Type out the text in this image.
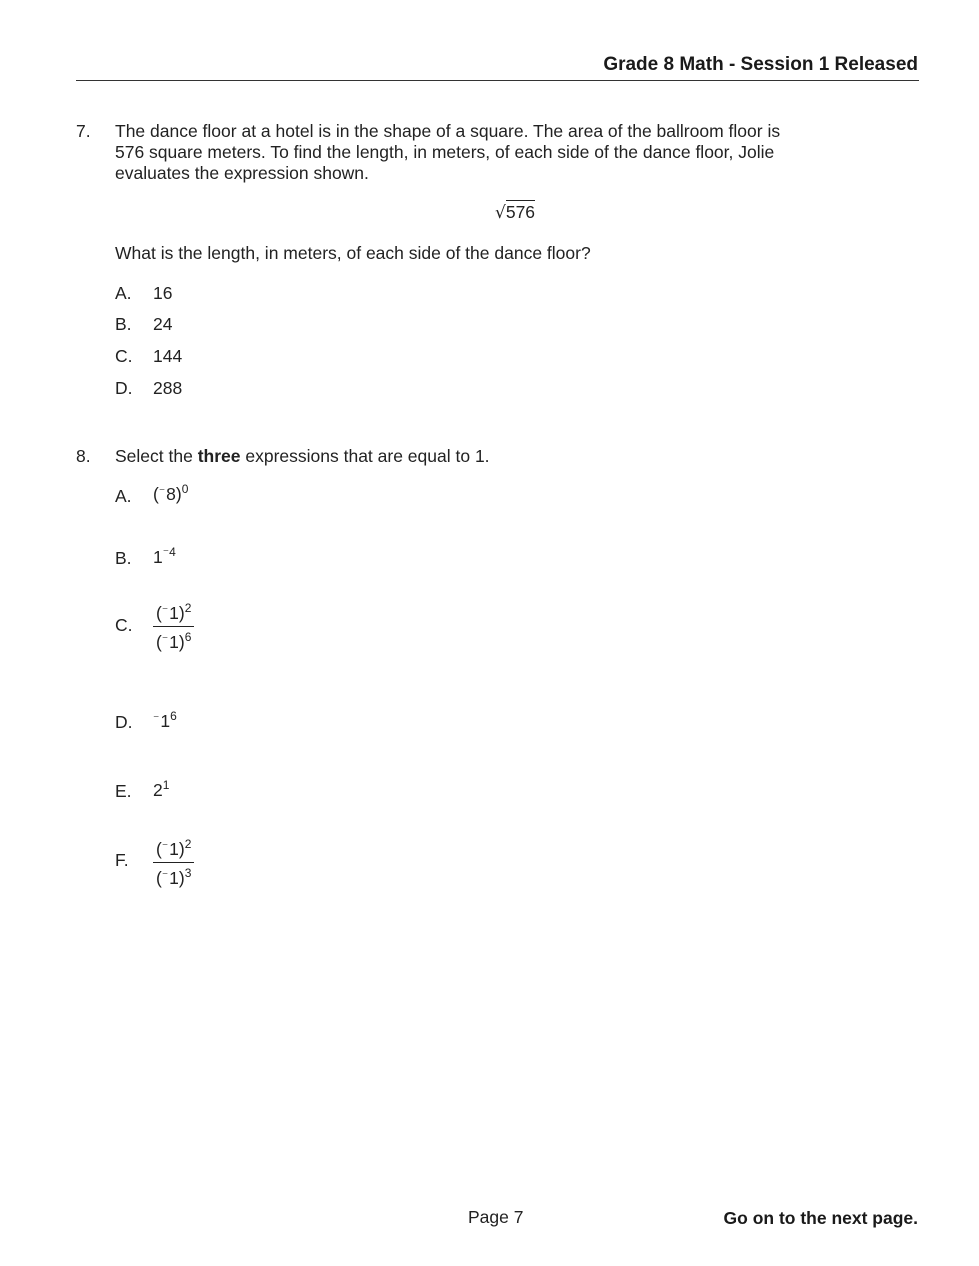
Grade 8 Math - Session 1 Released
7. The dance floor at a hotel is in the shape of a square. The area of the ballroom floor is
576 square meters. To find the length, in meters, of each side of the dance floor, Jolie
evaluates the expression shown.
√576
What is the length, in meters, of each side of the dance floor?
A. 16
B. 24
C. 144
D. 288
8. Select the three expressions that are equal to 1.
A. $(^{^-}8)^0$
B. $1^{^-4}$
C. $\frac{(^{^-}1)^2}{(^{^-}1)^6}$
D. $^{^-}1^6$
E. $2^1$
F. $\frac{(^{^-}1)^2}{(^{^-}1)^3}$
Page 7	Go on to the next page.
